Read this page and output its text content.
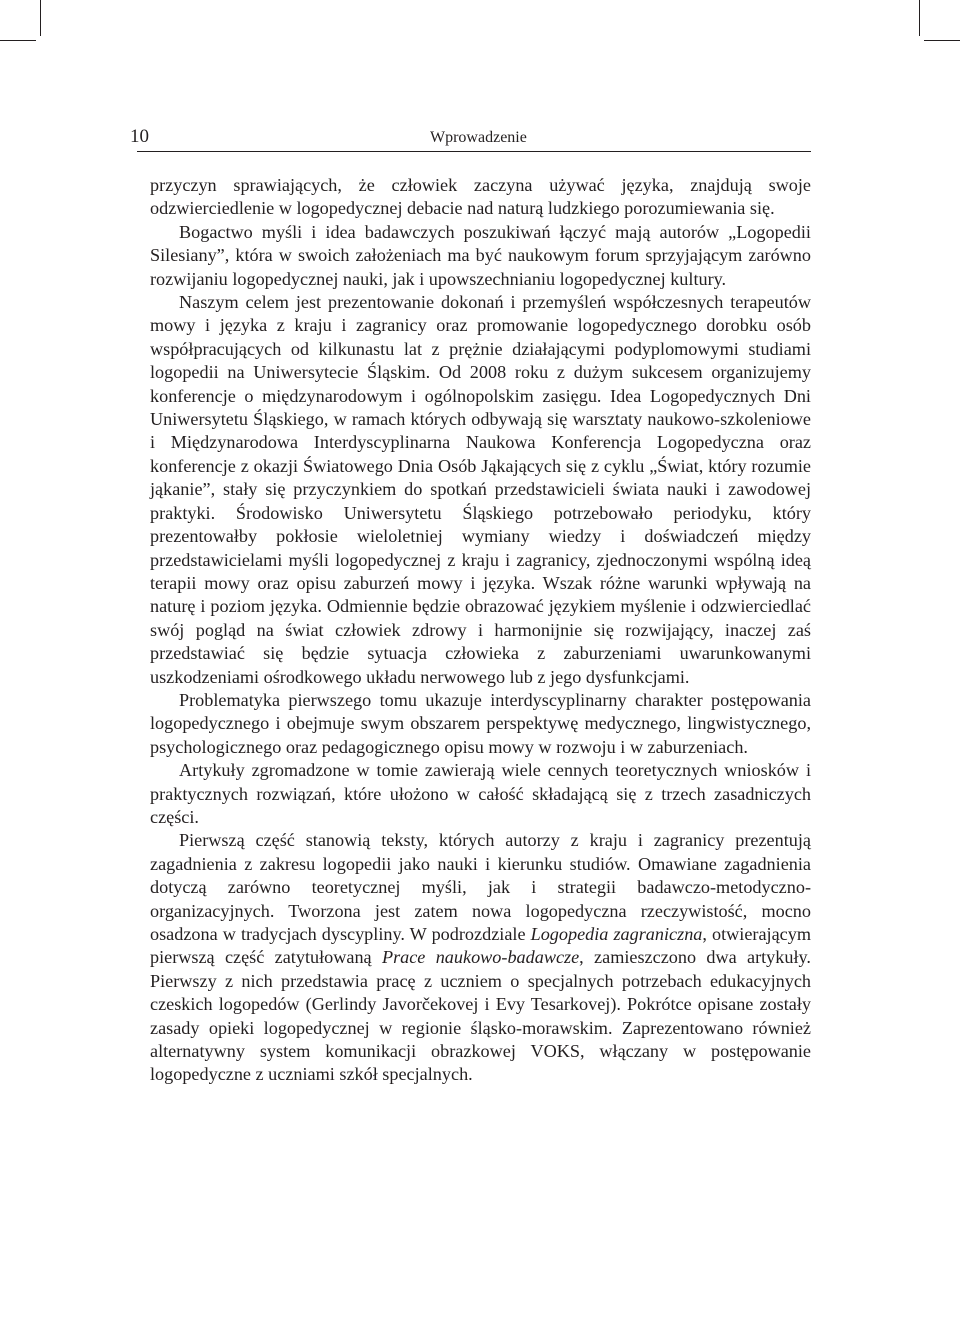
10	Wprowadzenie

przyczyn sprawiających, że człowiek zaczyna używać języka, znajdują swoje odzwierciedlenie w logopedycznej debacie nad naturą ludzkiego porozumiewania się.

Bogactwo myśli i idea badawczych poszukiwań łączyć mają autorów „Logopedii Silesiany”, która w swoich założeniach ma być naukowym forum sprzyjającym zarówno rozwijaniu logopedycznej nauki, jak i upowszechnianiu logopedycznej kultury.

Naszym celem jest prezentowanie dokonań i przemyśleń współczesnych terapeutów mowy i języka z kraju i zagranicy oraz promowanie logopedycznego dorobku osób współpracujących od kilkunastu lat z prężnie działającymi podyplomowymi studiami logopedii na Uniwersytecie Śląskim. Od 2008 roku z dużym sukcesem organizujemy konferencje o międzynarodowym i ogólnopolskim zasięgu. Idea Logopedycznych Dni Uniwersytetu Śląskiego, w ramach których odbywają się warsztaty naukowo-szkoleniowe i Międzynarodowa Interdyscyplinarna Naukowa Konferencja Logopedyczna oraz konferencje z okazji Światowego Dnia Osób Jąkających się z cyklu „Świat, który rozumie jąkanie”, stały się przyczynkiem do spotkań przedstawicieli świata nauki i zawodowej praktyki. Środowisko Uniwersytetu Śląskiego potrzebowało periodyku, który prezentowałby pokłosie wieloletniej wymiany wiedzy i doświadczeń między przedstawicielami myśli logopedycznej z kraju i zagranicy, zjednoczonymi wspólną ideą terapii mowy oraz opisu zaburzeń mowy i języka. Wszak różne warunki wpływają na naturę i poziom języka. Odmiennie będzie obrazować językiem myślenie i odzwierciedlać swój pogląd na świat człowiek zdrowy i harmonijnie się rozwijający, inaczej zaś przedstawiać się będzie sytuacja człowieka z zaburzeniami uwarunkowanymi uszkodzeniami ośrodkowego układu nerwowego lub z jego dysfunkcjami.

Problematyka pierwszego tomu ukazuje interdyscyplinarny charakter postępowania logopedycznego i obejmuje swym obszarem perspektywę medycznego, lingwistycznego, psychologicznego oraz pedagogicznego opisu mowy w rozwoju i w zaburzeniach.

Artykuły zgromadzone w tomie zawierają wiele cennych teoretycznych wniosków i praktycznych rozwiązań, które ułożono w całość składającą się z trzech zasadniczych części.

Pierwszą część stanowią teksty, których autorzy z kraju i zagranicy prezentują zagadnienia z zakresu logopedii jako nauki i kierunku studiów. Omawiane zagadnienia dotyczą zarówno teoretycznej myśli, jak i strategii badawczo-metodyczno-organizacyjnych. Tworzona jest zatem nowa logopedyczna rzeczywistość, mocno osadzona w tradycjach dyscypliny. W podrozdziale Logopedia zagraniczna, otwierającym pierwszą część zatytułowaną Prace naukowo-badawcze, zamieszczono dwa artykuły. Pierwszy z nich przedstawia pracę z uczniem o specjalnych potrzebach edukacyjnych czeskich logopedów (Gerlindy Javorčekovej i Evy Tesarkovej). Pokrótce opisane zostały zasady opieki logopedycznej w regionie śląsko-morawskim. Zaprezentowano również alternatywny system komunikacji obrazkowej VOKS, włączany w postępowanie logopedyczne z uczniami szkół specjalnych.
